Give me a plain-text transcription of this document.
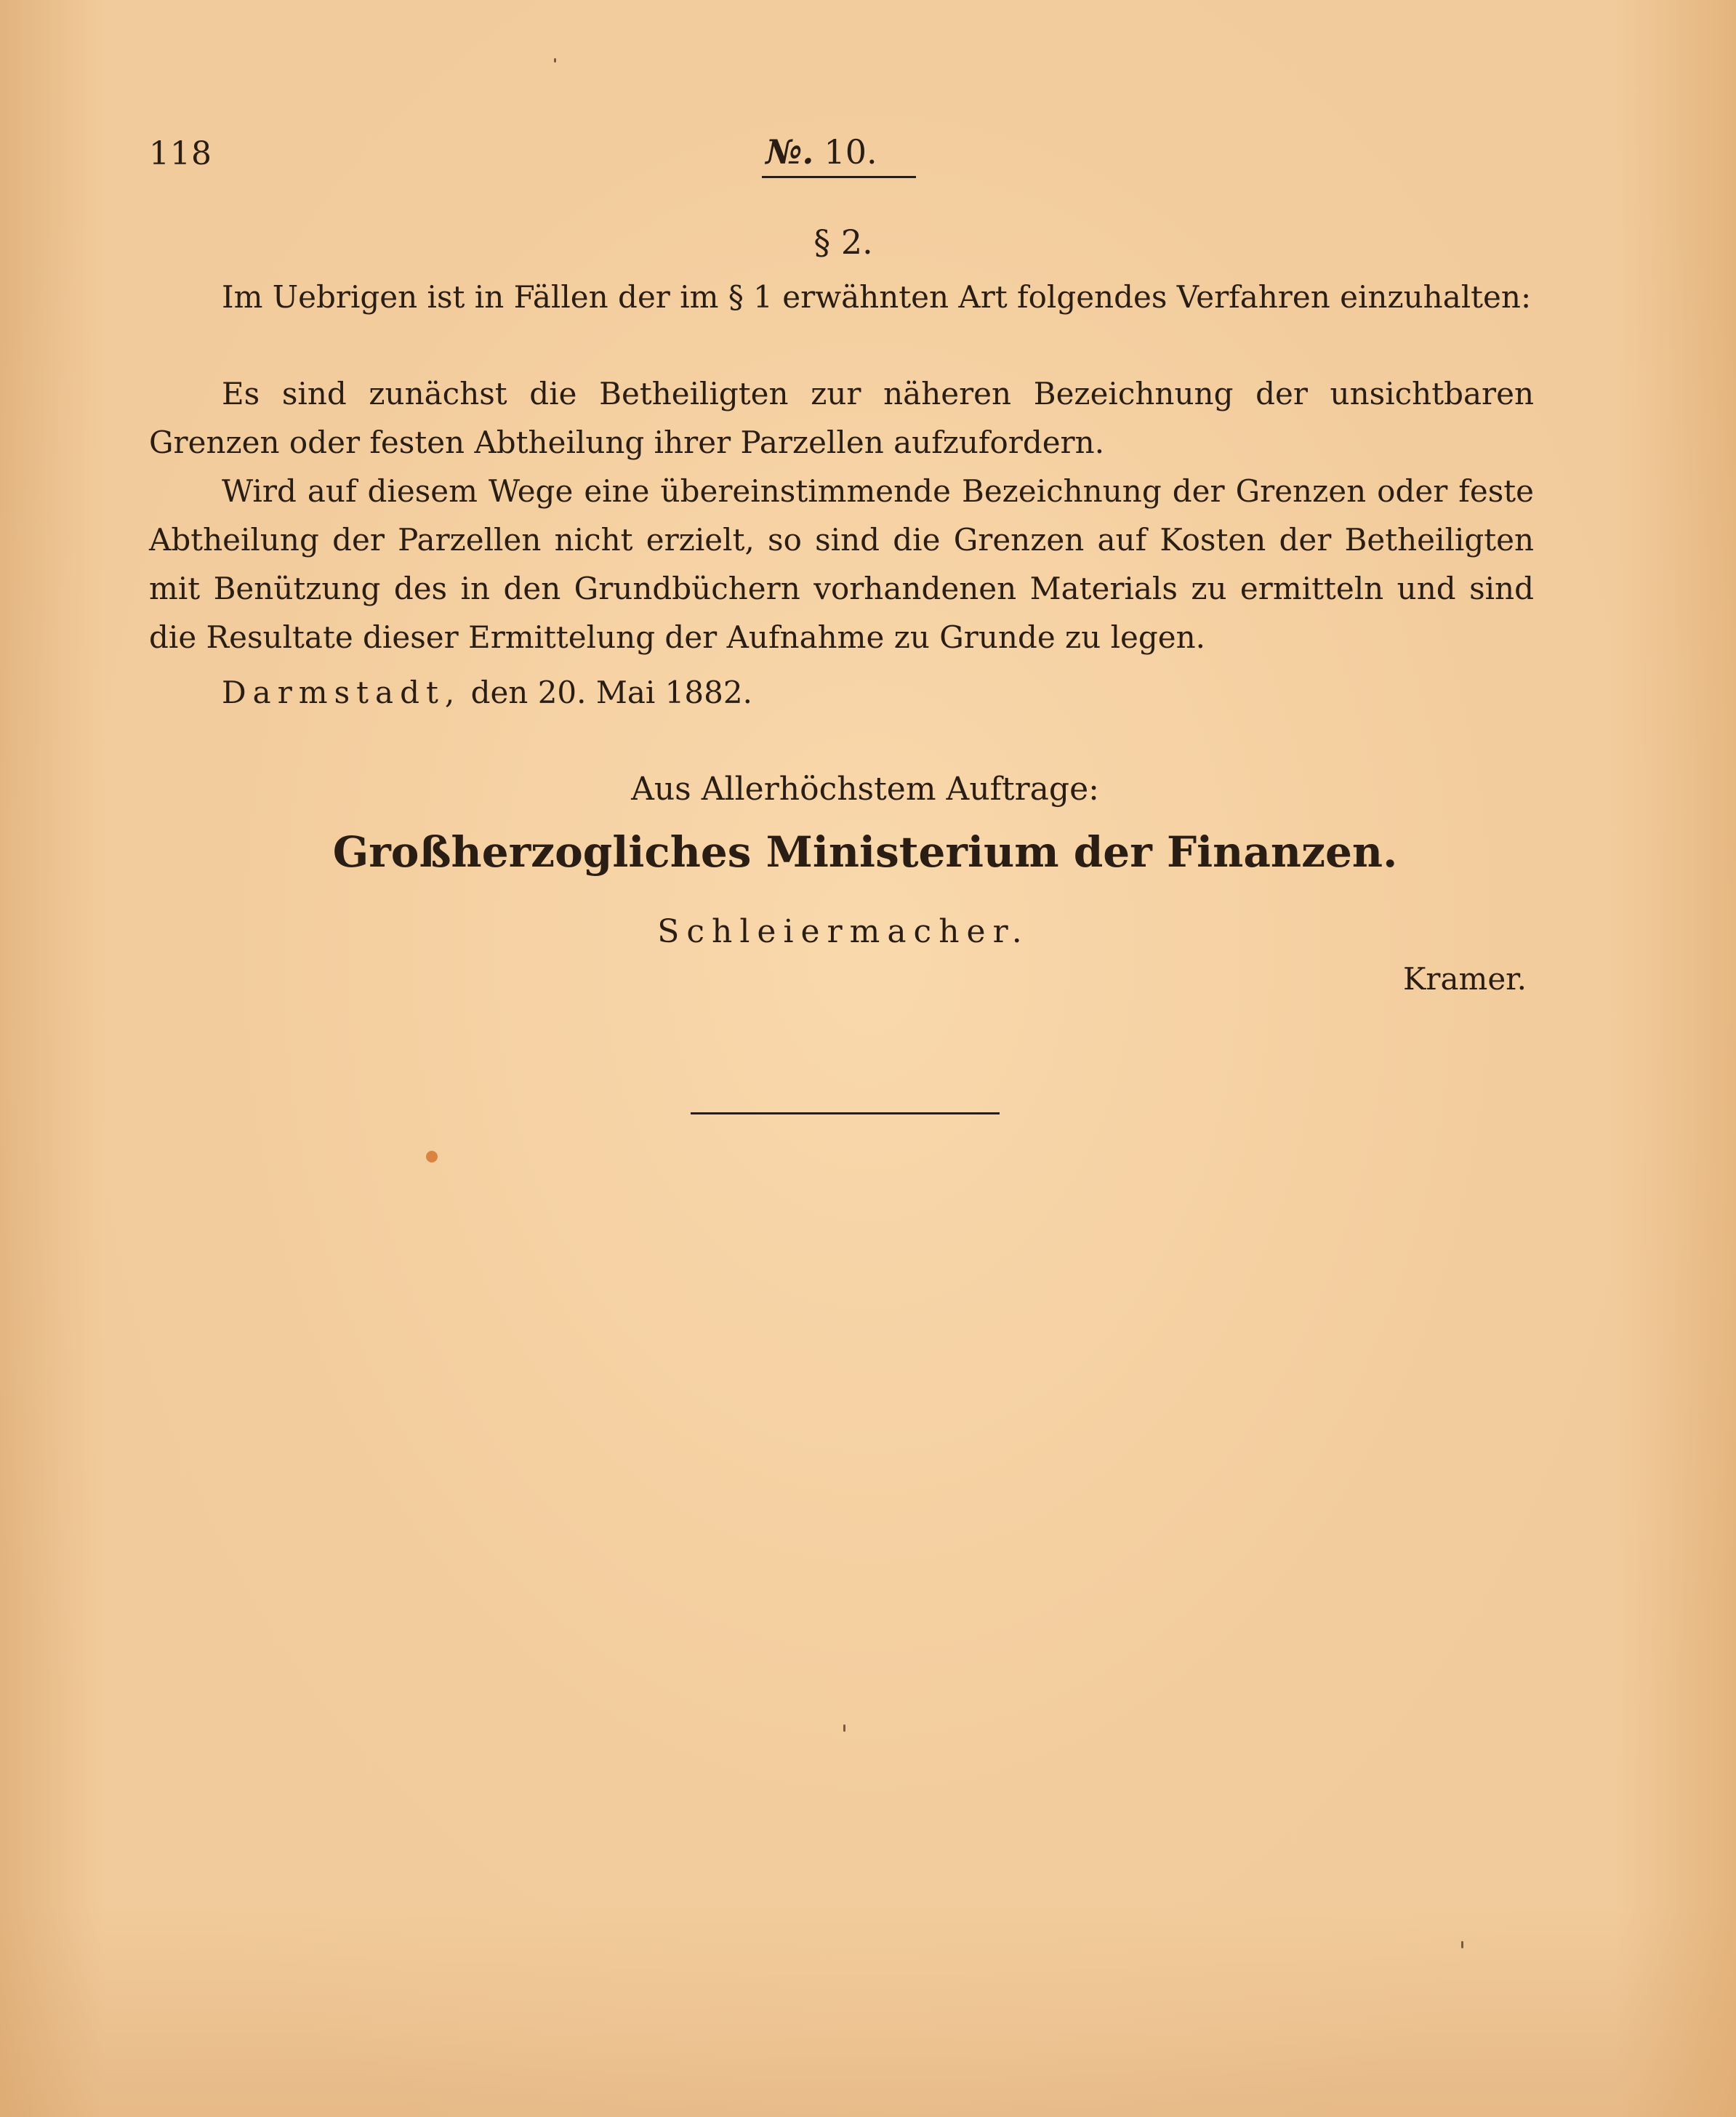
118	№. 10.
§ 2.
Im Uebrigen ist in Fällen der im § 1 erwähnten Art folgendes Verfahren einzuhalten:
Es sind zunächst die Betheiligten zur näheren Bezeichnung der unsichtbaren Grenzen oder festen Abtheilung ihrer Parzellen aufzufordern.
Wird auf diesem Wege eine übereinstimmende Bezeichnung der Grenzen oder feste Abtheilung der Parzellen nicht erzielt, so sind die Grenzen auf Kosten der Betheiligten mit Benützung des in den Grundbüchern vorhandenen Materials zu ermitteln und sind die Resultate dieser Ermittelung der Aufnahme zu Grunde zu legen.
Darmstadt, den 20. Mai 1882.
Aus Allerhöchstem Auftrage:
Großherzogliches Ministerium der Finanzen.
Schleiermacher.
Kramer.
